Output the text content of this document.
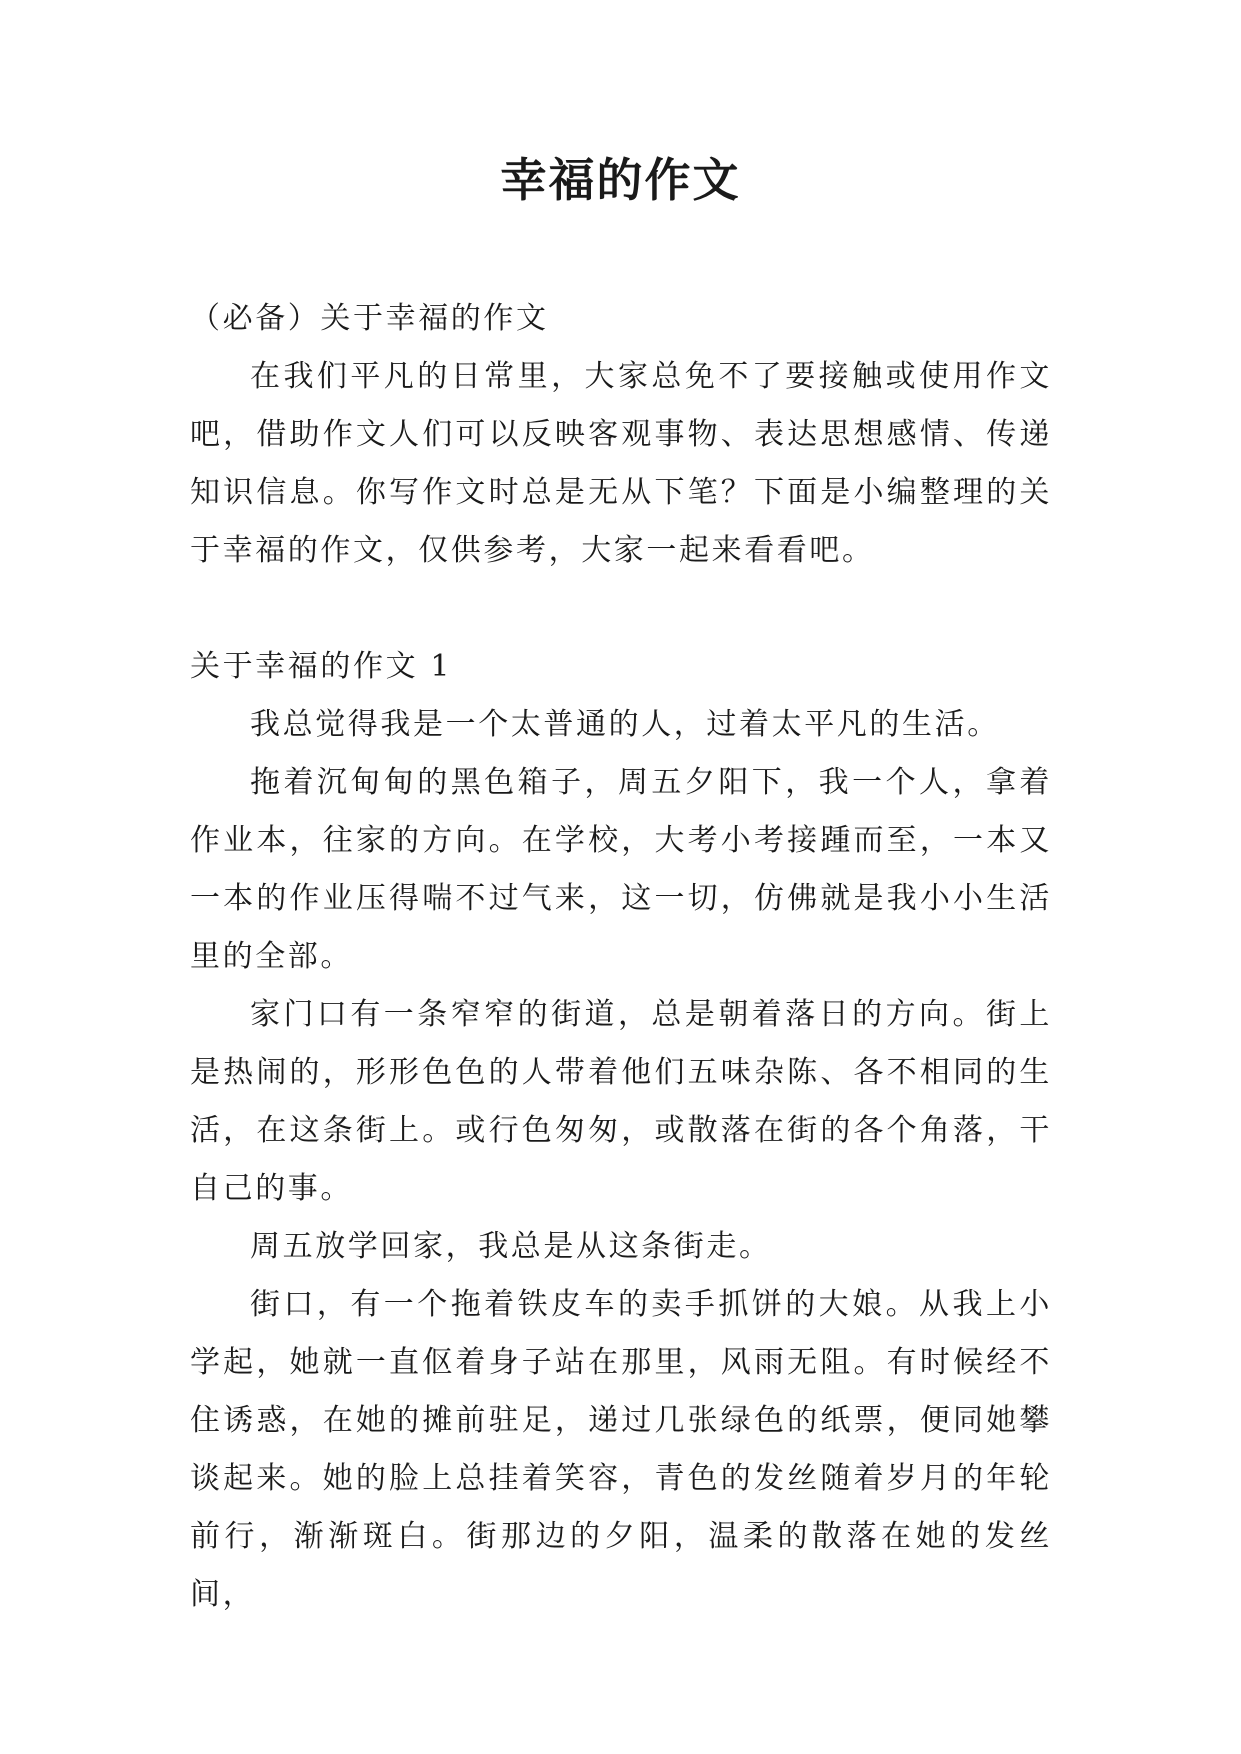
幸福的作文

（必备）关于幸福的作文

在我们平凡的日常里，大家总免不了要接触或使用作文吧，借助作文人们可以反映客观事物、表达思想感情、传递知识信息。你写作文时总是无从下笔？下面是小编整理的关于幸福的作文，仅供参考，大家一起来看看吧。

关于幸福的作文 1

我总觉得我是一个太普通的人，过着太平凡的生活。

拖着沉甸甸的黑色箱子，周五夕阳下，我一个人，拿着作业本，往家的方向。在学校，大考小考接踵而至，一本又一本的作业压得喘不过气来，这一切，仿佛就是我小小生活里的全部。

家门口有一条窄窄的街道，总是朝着落日的方向。街上是热闹的，形形色色的人带着他们五味杂陈、各不相同的生活，在这条街上。或行色匆匆，或散落在街的各个角落，干自己的事。

周五放学回家，我总是从这条街走。

街口，有一个拖着铁皮车的卖手抓饼的大娘。从我上小学起，她就一直伛着身子站在那里，风雨无阻。有时候经不住诱惑，在她的摊前驻足，递过几张绿色的纸票，便同她攀谈起来。她的脸上总挂着笑容，青色的发丝随着岁月的年轮前行，渐渐斑白。街那边的夕阳，温柔的散落在她的发丝间，
